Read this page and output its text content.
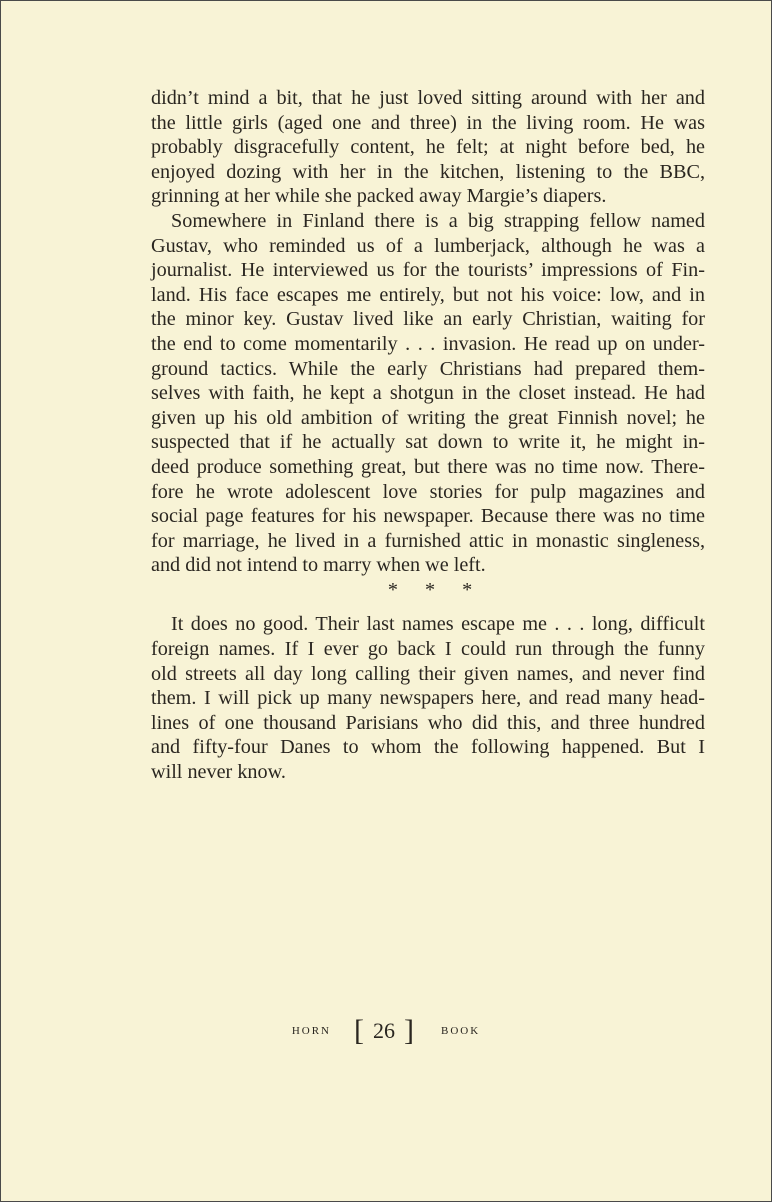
didn’t mind a bit, that he just loved sitting around with her and
the little girls (aged one and three) in the living room. He was
probably disgracefully content, he felt; at night before bed, he
enjoyed dozing with her in the kitchen, listening to the BBC,
grinning at her while she packed away Margie’s diapers.
Somewhere in Finland there is a big strapping fellow named
Gustav, who reminded us of a lumberjack, although he was a
journalist. He interviewed us for the tourists’ impressions of Fin-
land. His face escapes me entirely, but not his voice: low, and in
the minor key. Gustav lived like an early Christian, waiting for
the end to come momentarily . . . invasion. He read up on under-
ground tactics. While the early Christians had prepared them-
selves with faith, he kept a shotgun in the closet instead. He had
given up his old ambition of writing the great Finnish novel; he
suspected that if he actually sat down to write it, he might in-
deed produce something great, but there was no time now. There-
fore he wrote adolescent love stories for pulp magazines and
social page features for his newspaper. Because there was no time
for marriage, he lived in a furnished attic in monastic singleness,
and did not intend to marry when we left.
* * *
It does no good. Their last names escape me . . . long, difficult
foreign names. If I ever go back I could run through the funny
old streets all day long calling their given names, and never find
them. I will pick up many newspapers here, and read many head-
lines of one thousand Parisians who did this, and three hundred
and fifty-four Danes to whom the following happened. But I
will never know.
HORN [ 26 ] BOOK
